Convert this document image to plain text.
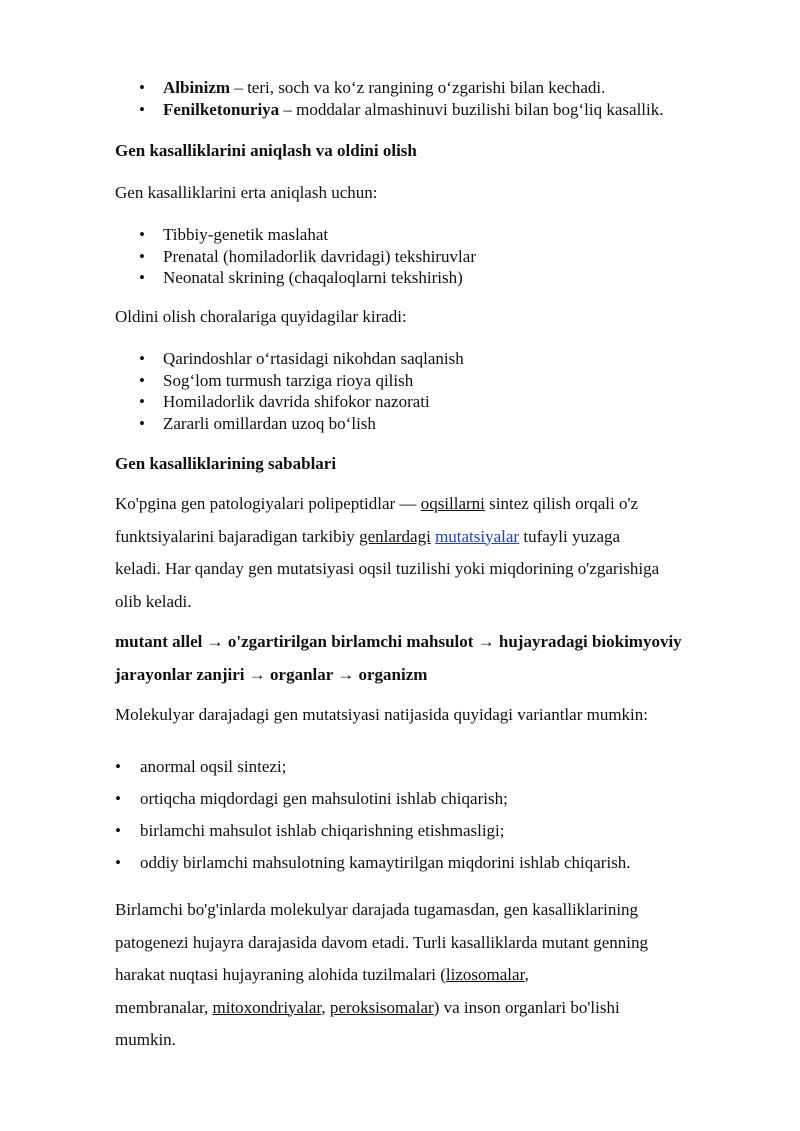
• Albinizm – teri, soch va ko‘z rangining o‘zgarishi bilan kechadi.
• Fenilketonuriya – moddalar almashinuvi buzilishi bilan bog‘liq kasallik.
Gen kasalliklarini aniqlash va oldini olish
Gen kasalliklarini erta aniqlash uchun:
• Tibbiy-genetik maslahat
• Prenatal (homiladorlik davridagi) tekshiruvlar
• Neonatal skrining (chaqaloqlarni tekshirish)
Oldini olish choralariga quyidagilar kiradi:
• Qarindoshlar o‘rtasidagi nikohdan saqlanish
• Sog‘lom turmush tarziga rioya qilish
• Homiladorlik davrida shifokor nazorati
• Zararli omillardan uzoq bo‘lish
Gen kasalliklarining sabablari
Ko'pgina gen patologiyalari polipeptidlar — oqsillarni sintez qilish orqali o'z
funktsiyalarini bajaradigan tarkibiy genlardagi mutatsiyalar tufayli yuzaga
keladi. Har qanday gen mutatsiyasi oqsil tuzilishi yoki miqdorining o'zgarishiga
olib keladi.
mutant allel → o'zgartirilgan birlamchi mahsulot → hujayradagi biokimyoviy
jarayonlar zanjiri → organlar → organizm
Molekulyar darajadagi gen mutatsiyasi natijasida quyidagi variantlar mumkin:
• anormal oqsil sintezi;
• ortiqcha miqdordagi gen mahsulotini ishlab chiqarish;
• birlamchi mahsulot ishlab chiqarishning etishmasligi;
• oddiy birlamchi mahsulotning kamaytirilgan miqdorini ishlab chiqarish.
Birlamchi bo'g'inlarda molekulyar darajada tugamasdan, gen kasalliklarining
patogenezi hujayra darajasida davom etadi. Turli kasalliklarda mutant genning
harakat nuqtasi hujayraning alohida tuzilmalari (lizosomalar,
membranalar, mitoxondriyalar, peroksisomalar) va inson organlari bo'lishi
mumkin.
